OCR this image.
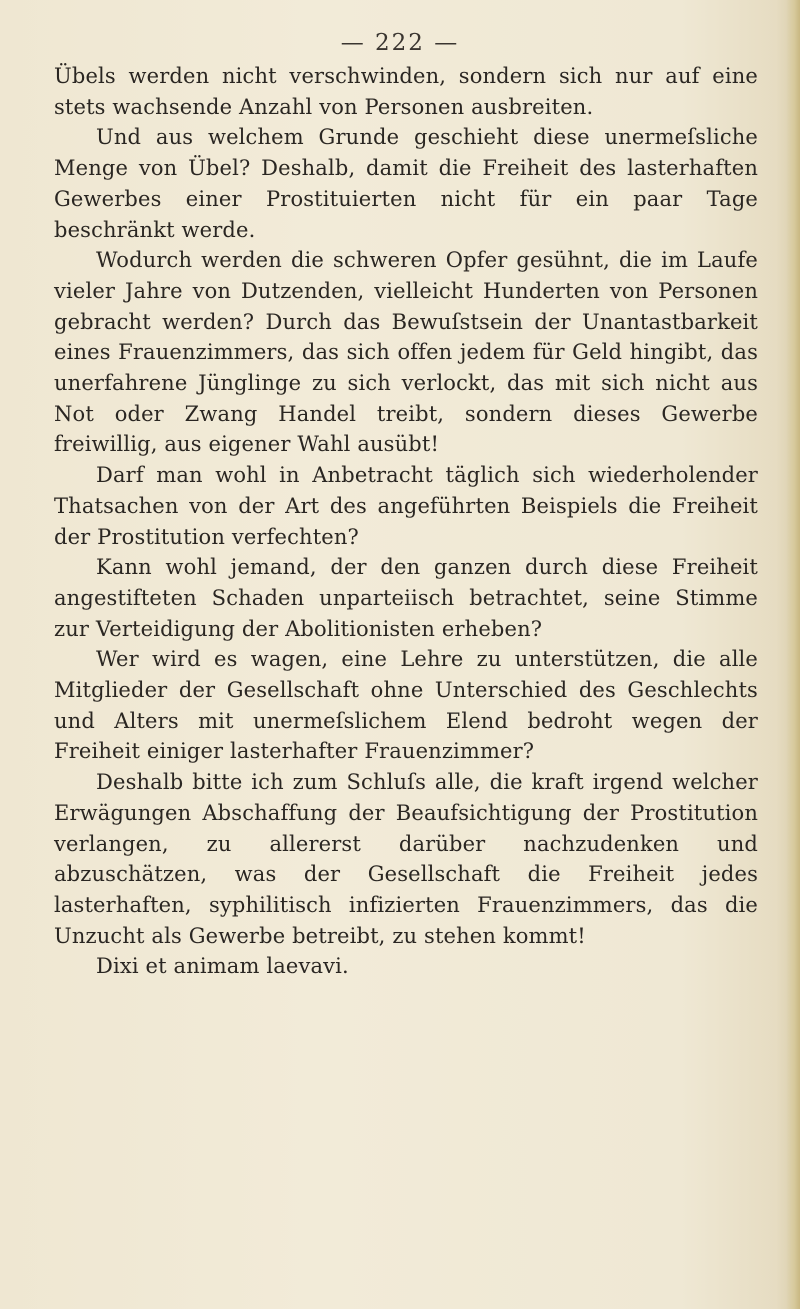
— 222 —

Übels werden nicht verschwinden, sondern sich nur auf eine stets wachsende Anzahl von Personen ausbreiten.

Und aus welchem Grunde geschieht diese unermeſsliche Menge von Übel? Deshalb, damit die Freiheit des lasterhaften Gewerbes einer Prostituierten nicht für ein paar Tage beschränkt werde.

Wodurch werden die schweren Opfer gesühnt, die im Laufe vieler Jahre von Dutzenden, vielleicht Hunderten von Personen gebracht werden? Durch das Bewuſstsein der Unantastbarkeit eines Frauenzimmers, das sich offen jedem für Geld hingibt, das unerfahrene Jünglinge zu sich verlockt, das mit sich nicht aus Not oder Zwang Handel treibt, sondern dieses Gewerbe freiwillig, aus eigener Wahl ausübt!

Darf man wohl in Anbetracht täglich sich wiederholender Thatsachen von der Art des angeführten Beispiels die Freiheit der Prostitution verfechten?

Kann wohl jemand, der den ganzen durch diese Freiheit angestifteten Schaden unparteiisch betrachtet, seine Stimme zur Verteidigung der Abolitionisten erheben?

Wer wird es wagen, eine Lehre zu unterstützen, die alle Mitglieder der Gesellschaft ohne Unterschied des Geschlechts und Alters mit unermeſslichem Elend bedroht wegen der Freiheit einiger lasterhafter Frauenzimmer?

Deshalb bitte ich zum Schluſs alle, die kraft irgend welcher Erwägungen Abschaffung der Beaufsichtigung der Prostitution verlangen, zu allererst darüber nachzudenken und abzuschätzen, was der Gesellschaft die Freiheit jedes lasterhaften, syphilitisch infizierten Frauenzimmers, das die Unzucht als Gewerbe betreibt, zu stehen kommt!

Dixi et animam laevavi.
